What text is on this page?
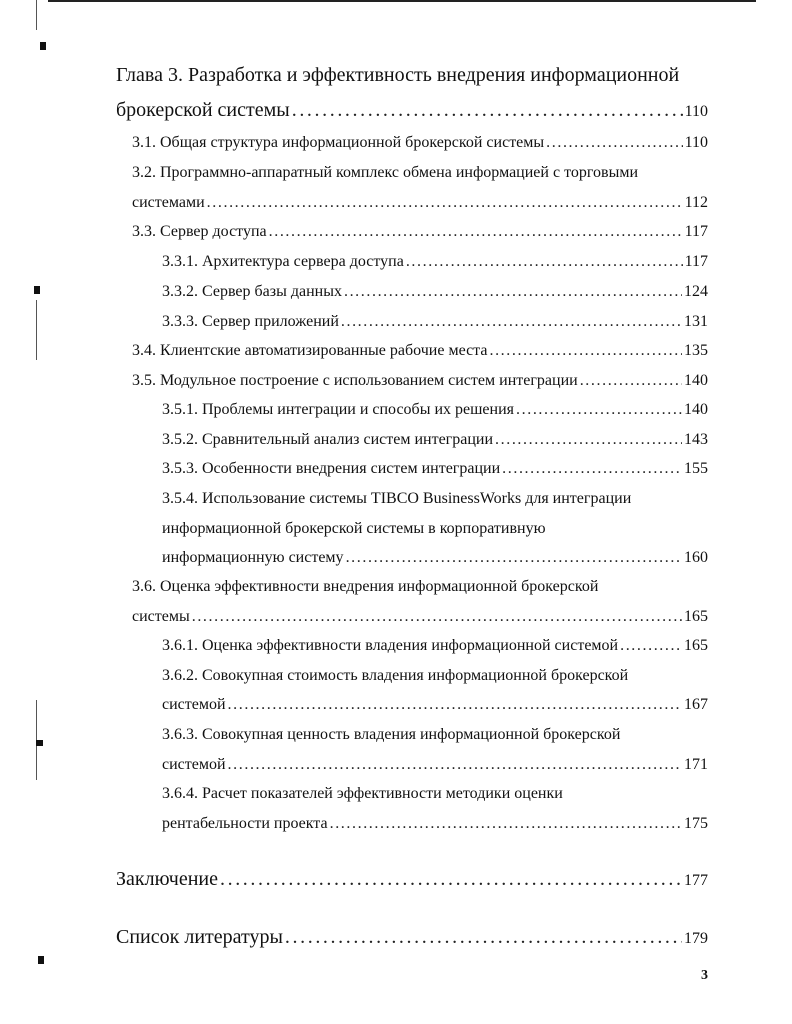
Глава 3. Разработка и эффективность внедрения информационной
брокерской системы . . .	110
3.1. Общая структура информационной брокерской системы . . .	110
3.2. Программно-аппаратный комплекс обмена информацией с торговыми
системами . . .	112
3.3. Сервер доступа . . .	117
3.3.1. Архитектура сервера доступа . . .	117
3.3.2. Сервер базы данных . . .	124
3.3.3. Сервер приложений . . .	131
3.4. Клиентские автоматизированные рабочие места . . .	135
3.5. Модульное построение с использованием систем интеграции . . .	140
3.5.1. Проблемы интеграции и способы их решения . . .	140
3.5.2. Сравнительный анализ систем интеграции . . .	143
3.5.3. Особенности внедрения систем интеграции . . .	155
3.5.4. Использование системы TIBCO BusinessWorks для интеграции
информационной брокерской системы в корпоративную
информационную систему . . .	160
3.6. Оценка эффективности внедрения информационной брокерской
системы . . .	165
3.6.1. Оценка эффективности владения информационной системой . . .	165
3.6.2. Совокупная стоимость владения информационной брокерской
системой . . .	167
3.6.3. Совокупная ценность владения информационной брокерской
системой . . .	171
3.6.4. Расчет показателей эффективности методики оценки
рентабельности проекта . . .	175
Заключение . . .	177
Список литературы . . .	179
3
